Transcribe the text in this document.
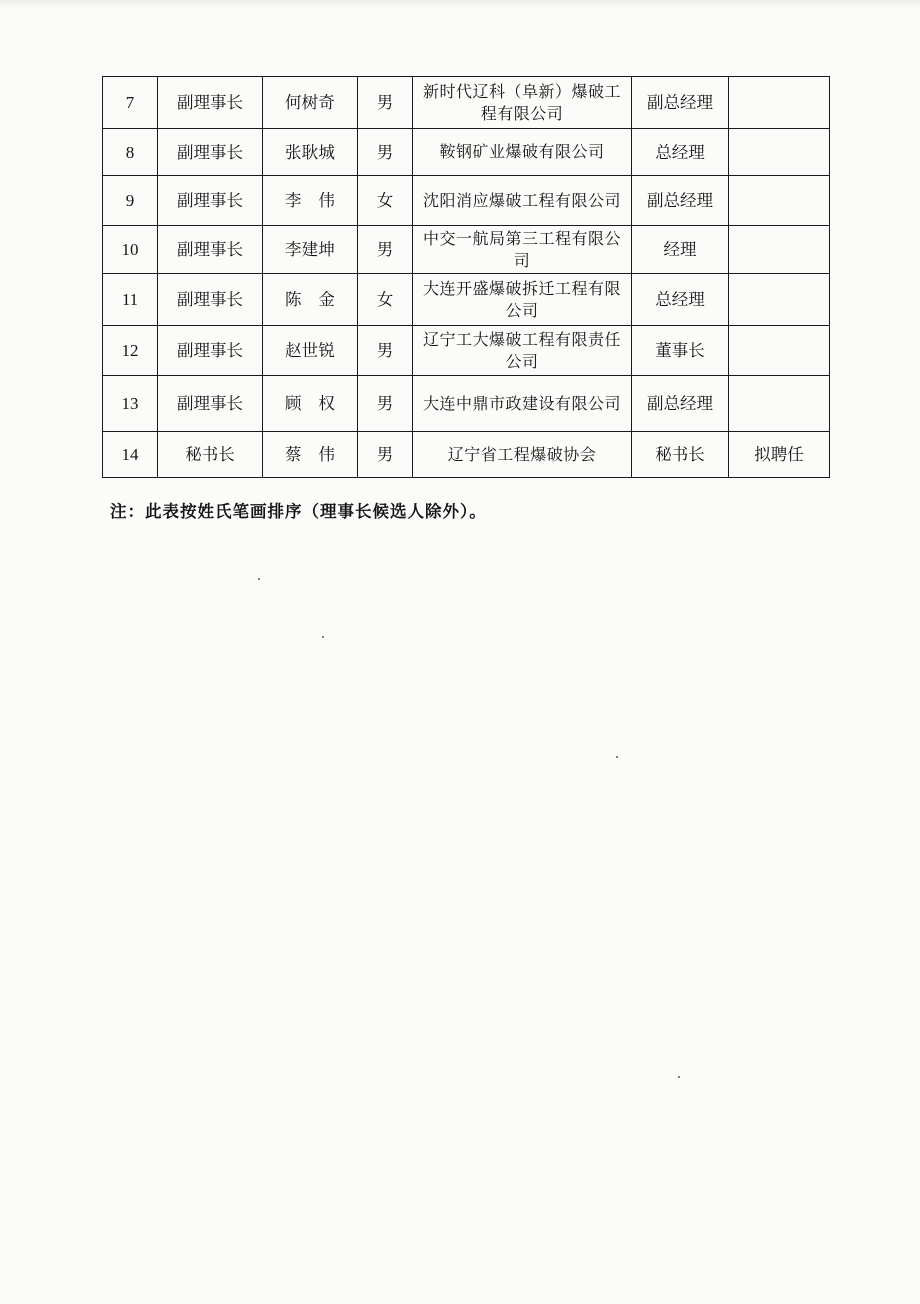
7	副理事长	何树奇	男	新时代辽科（阜新）爆破工程有限公司	副总经理	
8	副理事长	张耿城	男	鞍钢矿业爆破有限公司	总经理	
9	副理事长	李　伟	女	沈阳消应爆破工程有限公司	副总经理	
10	副理事长	李建坤	男	中交一航局第三工程有限公司	经理	
11	副理事长	陈　金	女	大连开盛爆破拆迁工程有限公司	总经理	
12	副理事长	赵世锐	男	辽宁工大爆破工程有限责任公司	董事长	
13	副理事长	顾　权	男	大连中鼎市政建设有限公司	副总经理	
14	秘书长	蔡　伟	男	辽宁省工程爆破协会	秘书长	拟聘任

注：此表按姓氏笔画排序（理事长候选人除外）。
